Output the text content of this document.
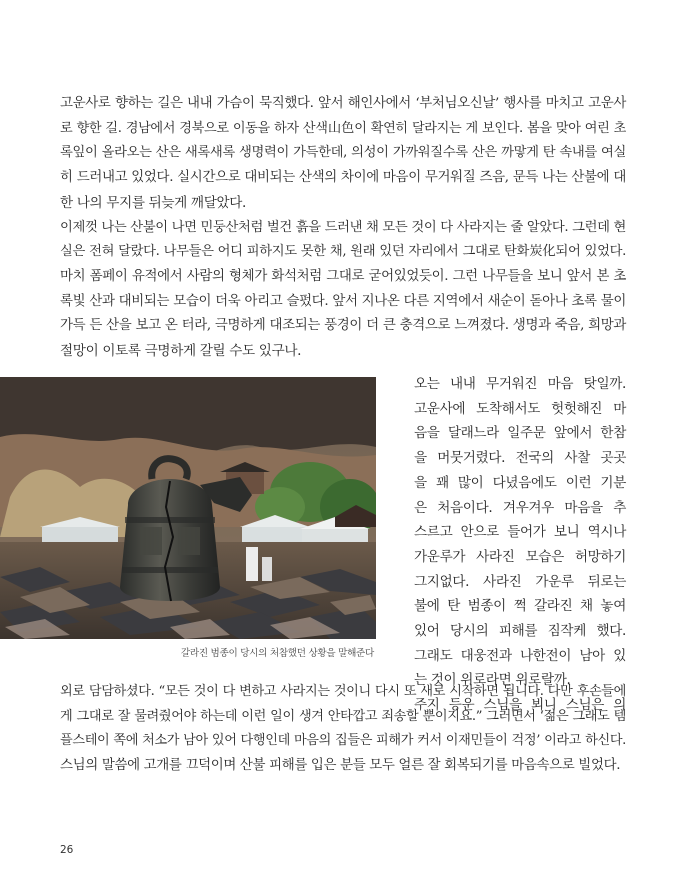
고운사로 향하는 길은 내내 가슴이 묵직했다. 앞서 해인사에서 ‘부처님오신날’ 행사를 마치고 고운사
로 향한 길. 경남에서 경북으로 이동을 하자 산색山色이 확연히 달라지는 게 보인다. 봄을 맞아 여린 초
록잎이 올라오는 산은 새록새록 생명력이 가득한데, 의성이 가까워질수록 산은 까맣게 탄 속내를 여실
히 드러내고 있었다. 실시간으로 대비되는 산색의 차이에 마음이 무거워질 즈음, 문득 나는 산불에 대
한 나의 무지를 뒤늦게 깨달았다.
이제껏 나는 산불이 나면 민둥산처럼 벌건 흙을 드러낸 채 모든 것이 다 사라지는 줄 알았다. 그런데 현
실은 전혀 달랐다. 나무들은 어디 피하지도 못한 채, 원래 있던 자리에서 그대로 탄화炭化되어 있었다.
마치 폼페이 유적에서 사람의 형체가 화석처럼 그대로 굳어있었듯이. 그런 나무들을 보니 앞서 본 초
록빛 산과 대비되는 모습이 더욱 아리고 슬펐다. 앞서 지나온 다른 지역에서 새순이 돋아나 초록 물이
가득 든 산을 보고 온 터라, 극명하게 대조되는 풍경이 더 큰 충격으로 느껴졌다. 생명과 죽음, 희망과
절망이 이토록 극명하게 갈릴 수도 있구나.
갈라진 범종이 당시의 처참했던 상황을 말해준다
오는 내내 무거워진 마음 탓일까.
고운사에 도착해서도 헛헛해진 마
음을 달래느라 일주문 앞에서 한참
을 머뭇거렸다. 전국의 사찰 곳곳
을 꽤 많이 다녔음에도 이런 기분
은 처음이다. 겨우겨우 마음을 추
스르고 안으로 들어가 보니 역시나
가운루가 사라진 모습은 허망하기
그지없다. 사라진 가운루 뒤로는
불에 탄 범종이 쩍 갈라진 채 놓여
있어 당시의 피해를 짐작케 했다.
그래도 대웅전과 나한전이 남아 있
는 것이 위로라면 위로랄까.
주지 등운 스님을 뵈니 스님은 의
외로 담담하셨다. “모든 것이 다 변하고 사라지는 것이니 다시 또 새로 시작하면 됩니다. 다만 후손들에
게 그대로 잘 물려줬어야 하는데 이런 일이 생겨 안타깝고 죄송할 뿐이지요.” 그러면서 ‘젊은 그래도 템
플스테이 쪽에 처소가 남아 있어 다행인데 마음의 집들은 피해가 커서 이재민들이 걱정’ 이라고 하신다.
스님의 말씀에 고개를 끄덕이며 산불 피해를 입은 분들 모두 얼른 잘 회복되기를 마음속으로 빌었다.
26
